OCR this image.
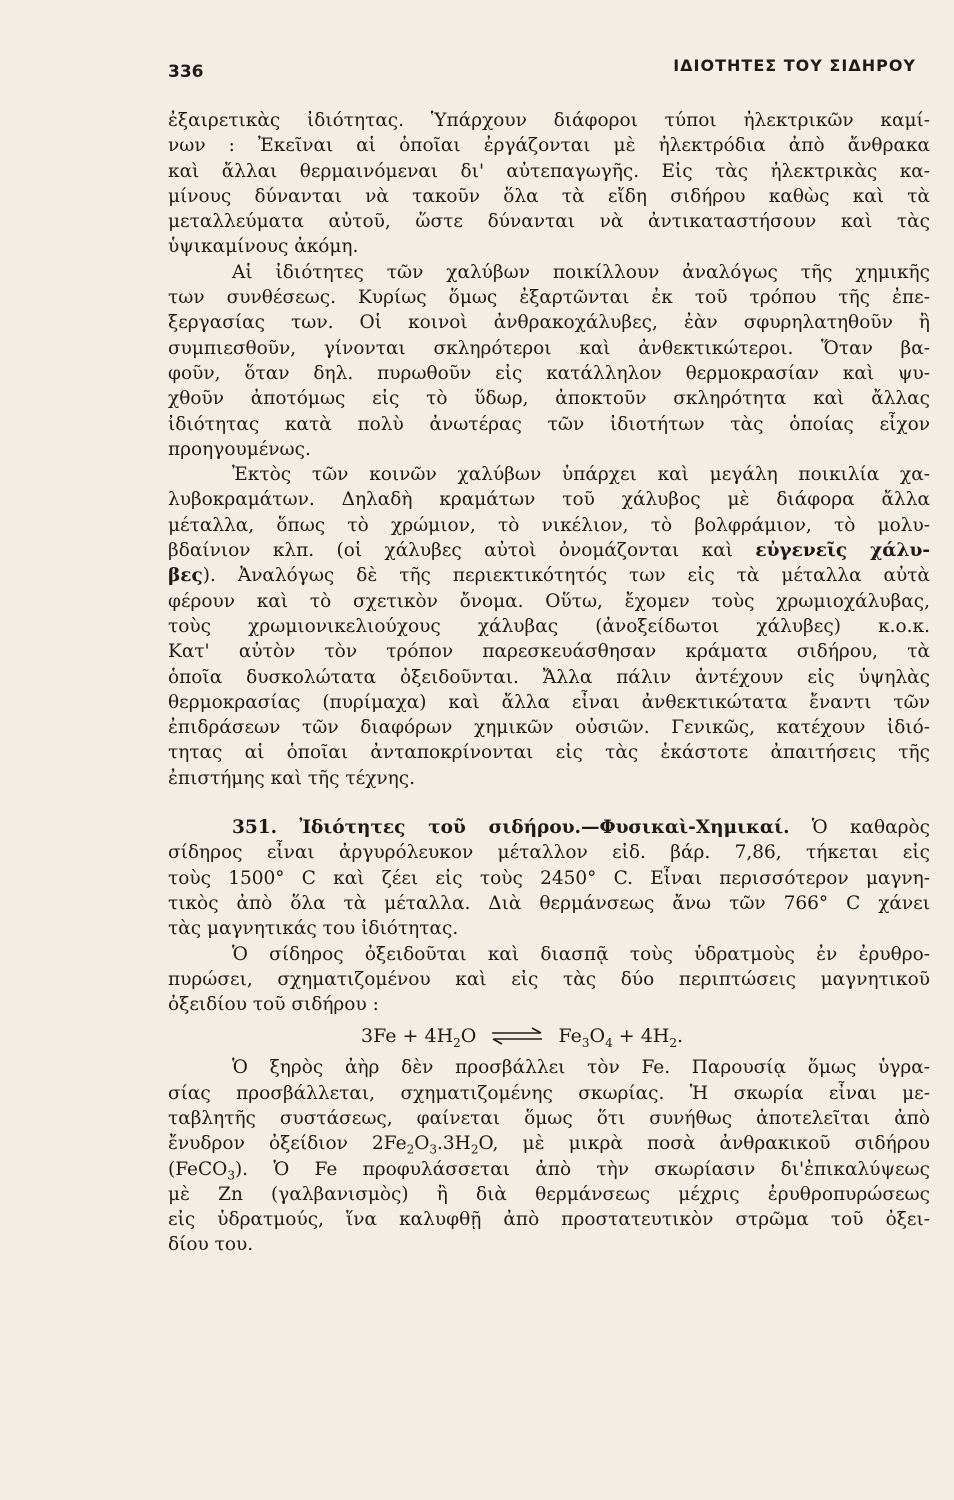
336	ΙΔΙΟΤΗΤΕΣ ΤΟΥ ΣΙΔΗΡΟΥ
ἐξαιρετικὰς ἰδιότητας. Ὑπάρχουν διάφοροι τύποι ἠλεκτρικῶν καμί-
νων : Ἐκεῖναι αἱ ὁποῖαι ἐργάζονται μὲ ἠλεκτρόδια ἀπὸ ἄνθρακα
καὶ ἄλλαι θερμαινόμεναι δι' αὐτεπαγωγῆς. Εἰς τὰς ἠλεκτρικὰς κα-
μίνους δύνανται νὰ τακοῦν ὅλα τὰ εἴδη σιδήρου καθὼς καὶ τὰ
μεταλλεύματα αὐτοῦ, ὥστε δύνανται νὰ ἀντικαταστήσουν καὶ τὰς
ὑψικαμίνους ἀκόμη.
Αἱ ἰδιότητες τῶν χαλύβων ποικίλλουν ἀναλόγως τῆς χημικῆς
των συνθέσεως. Κυρίως ὅμως ἐξαρτῶνται ἐκ τοῦ τρόπου τῆς ἐπε-
ξεργασίας των. Οἱ κοινοὶ ἀνθρακοχάλυβες, ἐὰν σφυρηλατηθοῦν ἢ
συμπιεσθοῦν, γίνονται σκληρότεροι καὶ ἀνθεκτικώτεροι. Ὅταν βα-
φοῦν, ὅταν δηλ. πυρωθοῦν εἰς κατάλληλον θερμοκρασίαν καὶ ψυ-
χθοῦν ἀποτόμως εἰς τὸ ὕδωρ, ἀποκτοῦν σκληρότητα καὶ ἄλλας
ἰδιότητας κατὰ πολὺ ἀνωτέρας τῶν ἰδιοτήτων τὰς ὁποίας εἶχον
προηγουμένως.
Ἐκτὸς τῶν κοινῶν χαλύβων ὑπάρχει καὶ μεγάλη ποικιλία χα-
λυβοκραμάτων. Δηλαδὴ κραμάτων τοῦ χάλυβος μὲ διάφορα ἄλλα
μέταλλα, ὅπως τὸ χρώμιον, τὸ νικέλιον, τὸ βολφράμιον, τὸ μολυ-
βδαίνιον κλπ. (οἱ χάλυβες αὐτοὶ ὀνομάζονται καὶ εὐγενεῖς χάλυ-
βες). Ἀναλόγως δὲ τῆς περιεκτικότητός των εἰς τὰ μέταλλα αὐτὰ
φέρουν καὶ τὸ σχετικὸν ὄνομα. Οὕτω, ἔχομεν τοὺς χρωμιοχάλυβας,
τοὺς χρωμιονικελιούχους χάλυβας (ἀνοξείδωτοι χάλυβες) κ.ο.κ.
Κατ' αὐτὸν τὸν τρόπον παρεσκευάσθησαν κράματα σιδήρου, τὰ
ὁποῖα δυσκολώτατα ὀξειδοῦνται. Ἄλλα πάλιν ἀντέχουν εἰς ὑψηλὰς
θερμοκρασίας (πυρίμαχα) καὶ ἄλλα εἶναι ἀνθεκτικώτατα ἔναντι τῶν
ἐπιδράσεων τῶν διαφόρων χημικῶν οὐσιῶν. Γενικῶς, κατέχουν ἰδιό-
τητας αἱ ὁποῖαι ἀνταποκρίνονται εἰς τὰς ἑκάστοτε ἀπαιτήσεις τῆς
ἐπιστήμης καὶ τῆς τέχνης.
351. Ἰδιότητες τοῦ σιδήρου.—Φυσικαὶ-Χημικαί. Ὁ καθαρὸς
σίδηρος εἶναι ἀργυρόλευκον μέταλλον εἰδ. βάρ. 7,86, τήκεται εἰς
τοὺς 1500° C καὶ ζέει εἰς τοὺς 2450° C. Εἶναι περισσότερον μαγνη-
τικὸς ἀπὸ ὅλα τὰ μέταλλα. Διὰ θερμάνσεως ἄνω τῶν 766° C χάνει
τὰς μαγνητικάς του ἰδιότητας.
Ὁ σίδηρος ὀξειδοῦται καὶ διασπᾷ τοὺς ὑδρατμοὺς ἐν ἐρυθρο-
πυρώσει, σχηματιζομένου καὶ εἰς τὰς δύο περιπτώσεις μαγνητικοῦ
ὀξειδίου τοῦ σιδήρου :
$3Fe + 4H_2O$ ⇌ $Fe_3O_4 + 4H_2$.
Ὁ ξηρὸς ἀὴρ δὲν προσβάλλει τὸν Fe. Παρουσίᾳ ὅμως ὑγρα-
σίας προσβάλλεται, σχηματιζομένης σκωρίας. Ἡ σκωρία εἶναι με-
ταβλητῆς συστάσεως, φαίνεται ὅμως ὅτι συνήθως ἀποτελεῖται ἀπὸ
ἔνυδρον ὀξείδιον $2Fe_2O_3.3H_2O$, μὲ μικρὰ ποσὰ ἀνθρακικοῦ σιδήρου
(FeCO$_3$). Ὁ Fe προφυλάσσεται ἀπὸ τὴν σκωρίασιν δι'ἐπικαλύψεως
μὲ Zn (γαλβανισμὸς) ἢ διὰ θερμάνσεως μέχρις ἐρυθροπυρώσεως
εἰς ὑδρατμούς, ἵνα καλυφθῇ ἀπὸ προστατευτικὸν στρῶμα τοῦ ὀξει-
δίου του.
